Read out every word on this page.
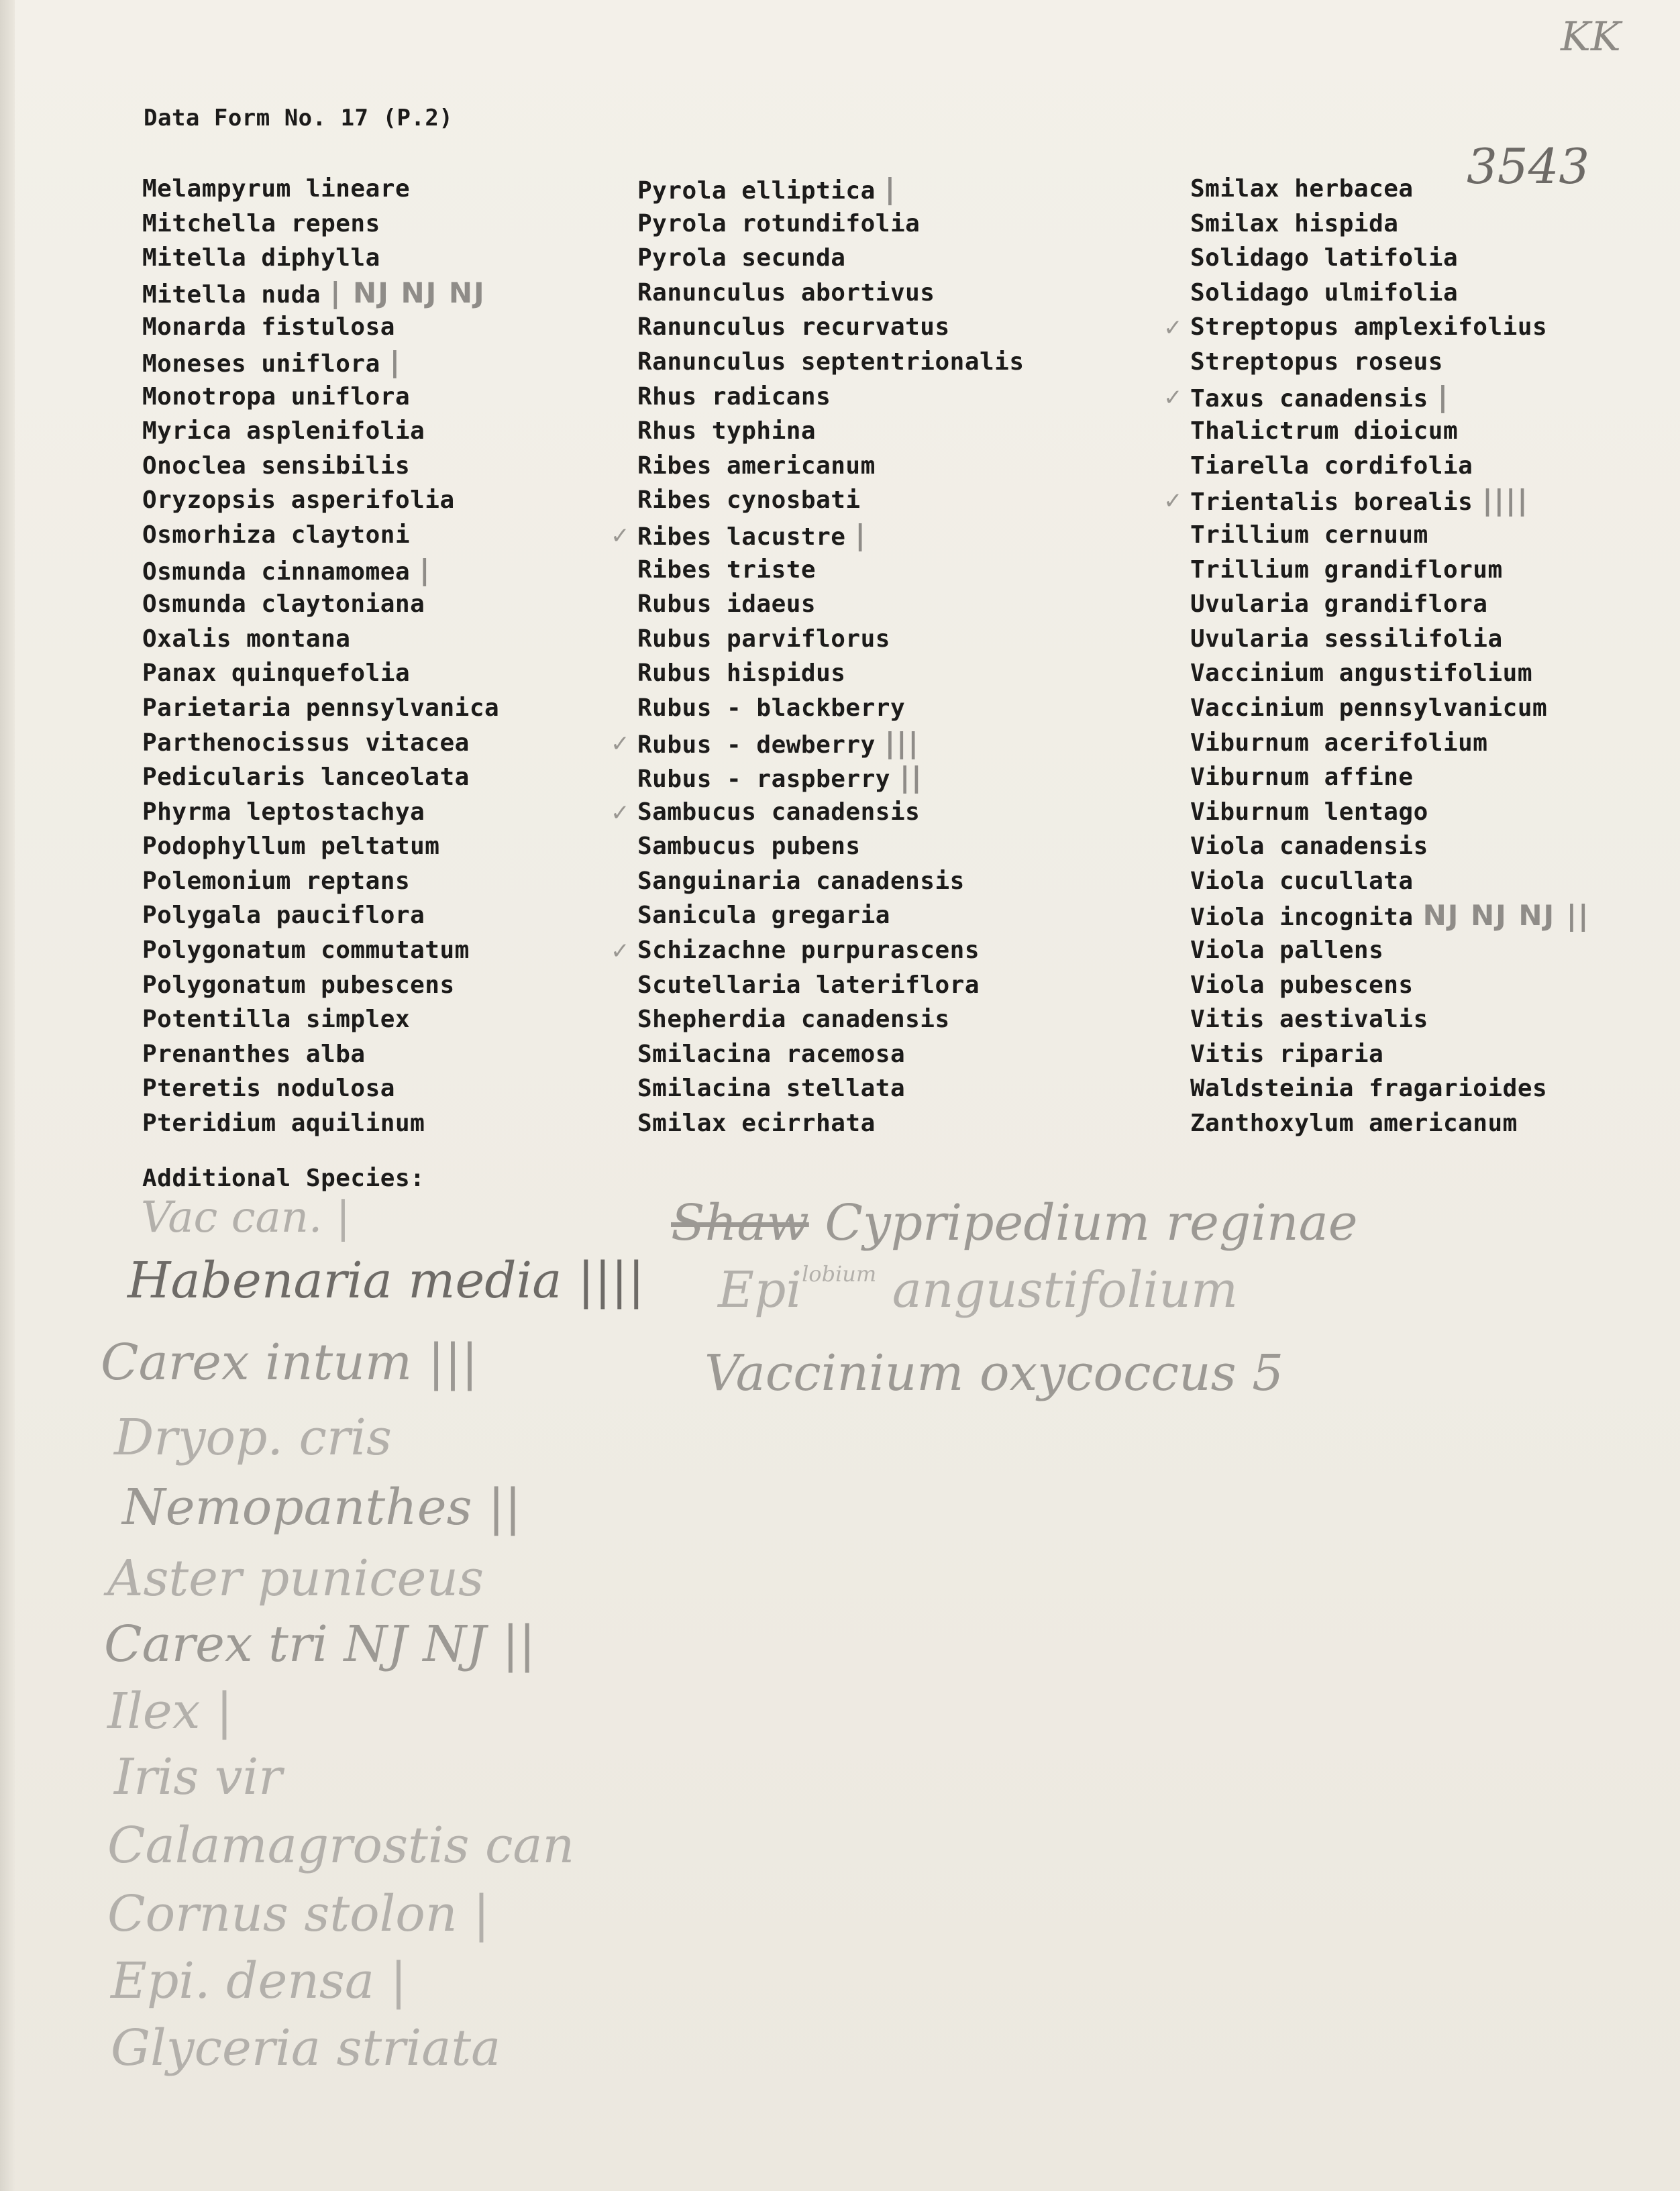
KK
3543
Data Form No. 17 (P.2)
Melampyrum lineare
Mitchella repens
Mitella diphylla
Mitella nuda | NJ NJ NJ
Monarda fistulosa
Moneses uniflora |
Monotropa uniflora
Myrica asplenifolia
Onoclea sensibilis
Oryzopsis asperifolia
Osmorhiza claytoni
Osmunda cinnamomea |
Osmunda claytoniana
Oxalis montana
Panax quinquefolia
Parietaria pennsylvanica
Parthenocissus vitacea
Pedicularis lanceolata
Phyrma leptostachya
Podophyllum peltatum
Polemonium reptans
Polygala pauciflora
Polygonatum commutatum
Polygonatum pubescens
Potentilla simplex
Prenanthes alba
Pteretis nodulosa
Pteridium aquilinum
Pyrola elliptica |
Pyrola rotundifolia
Pyrola secunda
Ranunculus abortivus
Ranunculus recurvatus
Ranunculus septentrionalis
Rhus radicans
Rhus typhina
Ribes americanum
Ribes cynosbati
✓ Ribes lacustre |
Ribes triste
Rubus idaeus
Rubus parviflorus
Rubus hispidus
Rubus - blackberry
✓ Rubus - dewberry |||
Rubus - raspberry ||
✓ Sambucus canadensis
Sambucus pubens
Sanguinaria canadensis
Sanicula gregaria
✓ Schizachne purpurascens
Scutellaria lateriflora
Shepherdia canadensis
Smilacina racemosa
Smilacina stellata
Smilax ecirrhata
Smilax herbacea
Smilax hispida
Solidago latifolia
Solidago ulmifolia
✓ Streptopus amplexifolius
Streptopus roseus
✓ Taxus canadensis |
Thalictrum dioicum
Tiarella cordifolia
✓ Trientalis borealis ||||
Trillium cernuum
Trillium grandiflorum
Uvularia grandiflora
Uvularia sessilifolia
Vaccinium angustifolium
Vaccinium pennsylvanicum
Viburnum acerifolium
Viburnum affine
Viburnum lentago
Viola canadensis
Viola cucullata
Viola incognita NJ NJ NJ ||
Viola pallens
Viola pubescens
Vitis aestivalis
Vitis riparia
Waldsteinia fragarioides
Zanthoxylum americanum
Additional Species:
Vac can. |
Habenaria media ||||
Carex intum |||
Dryop. cris
Nemopanthes ||
Aster puniceus
Carex tri NJ NJ ||
Ilex |
Iris vir
Calamagrostis can
Cornus stolon |
Epi. densa |
Glyceria striata
Shaw Cypripedium reginae
Epi$^{lobium}$ angustifolium
Vaccinium oxycoccus 5
